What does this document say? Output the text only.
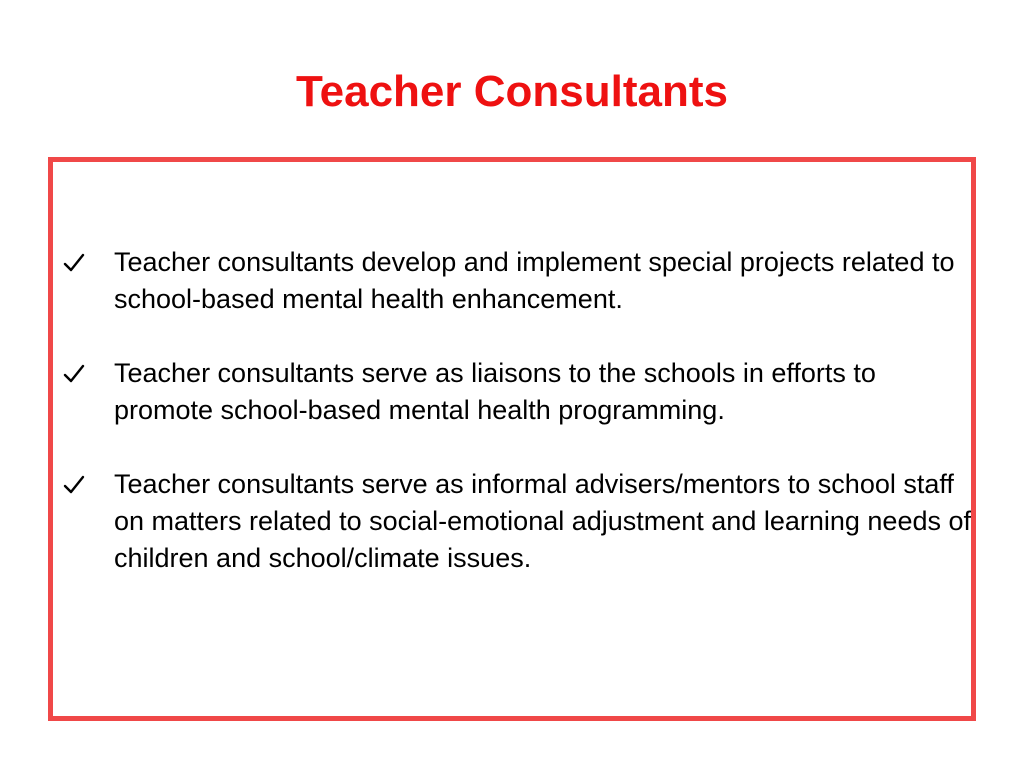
Teacher Consultants
Teacher consultants develop and implement special projects related to school-based mental health enhancement.
Teacher consultants serve as liaisons to the schools in efforts to promote school-based mental health programming.
Teacher consultants serve as informal advisers/mentors to school staff on matters related to social-emotional adjustment and learning needs of children and school/climate issues.
